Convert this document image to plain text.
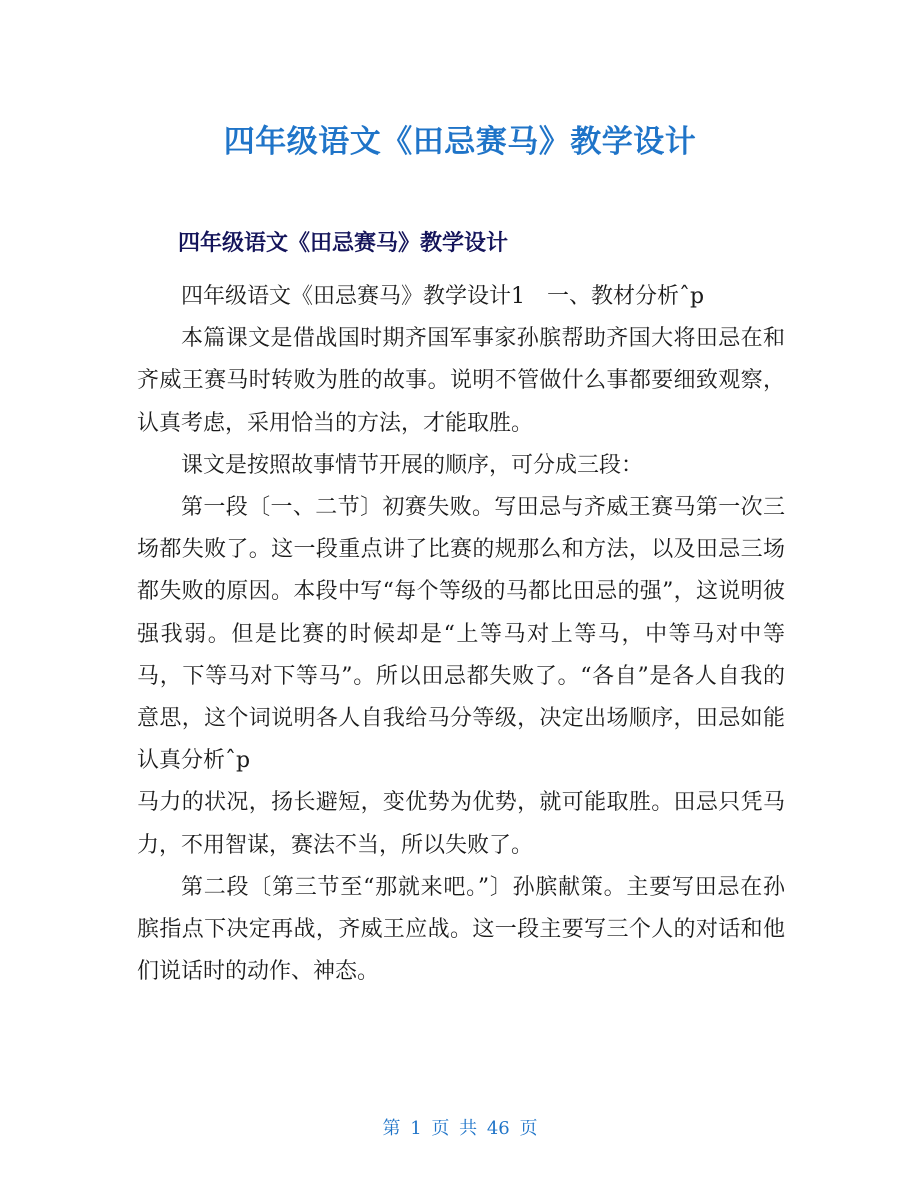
四年级语文《田忌赛马》教学设计
四年级语文《田忌赛马》教学设计

四年级语文《田忌赛马》教学设计1　一、教材分析ˆp

本篇课文是借战国时期齐国军事家孙膑帮助齐国大将田忌在和齐威王赛马时转败为胜的故事。说明不管做什么事都要细致观察，认真考虑，采用恰当的方法，才能取胜。

课文是按照故事情节开展的顺序，可分成三段：

第一段〔一、二节〕初赛失败。写田忌与齐威王赛马第一次三场都失败了。这一段重点讲了比赛的规那么和方法，以及田忌三场都失败的原因。本段中写“每个等级的马都比田忌的强”，这说明彼强我弱。但是比赛的时候却是“上等马对上等马，中等马对中等马，下等马对下等马”。所以田忌都失败了。“各自”是各人自我的意思，这个词说明各人自我给马分等级，决定出场顺序，田忌如能认真分析ˆp

马力的状况，扬长避短，变优势为优势，就可能取胜。田忌只凭马力，不用智谋，赛法不当，所以失败了。

第二段〔第三节至“那就来吧。”〕孙膑献策。主要写田忌在孙膑指点下决定再战，齐威王应战。这一段主要写三个人的对话和他们说话时的动作、神态。

第 1 页 共 46 页
